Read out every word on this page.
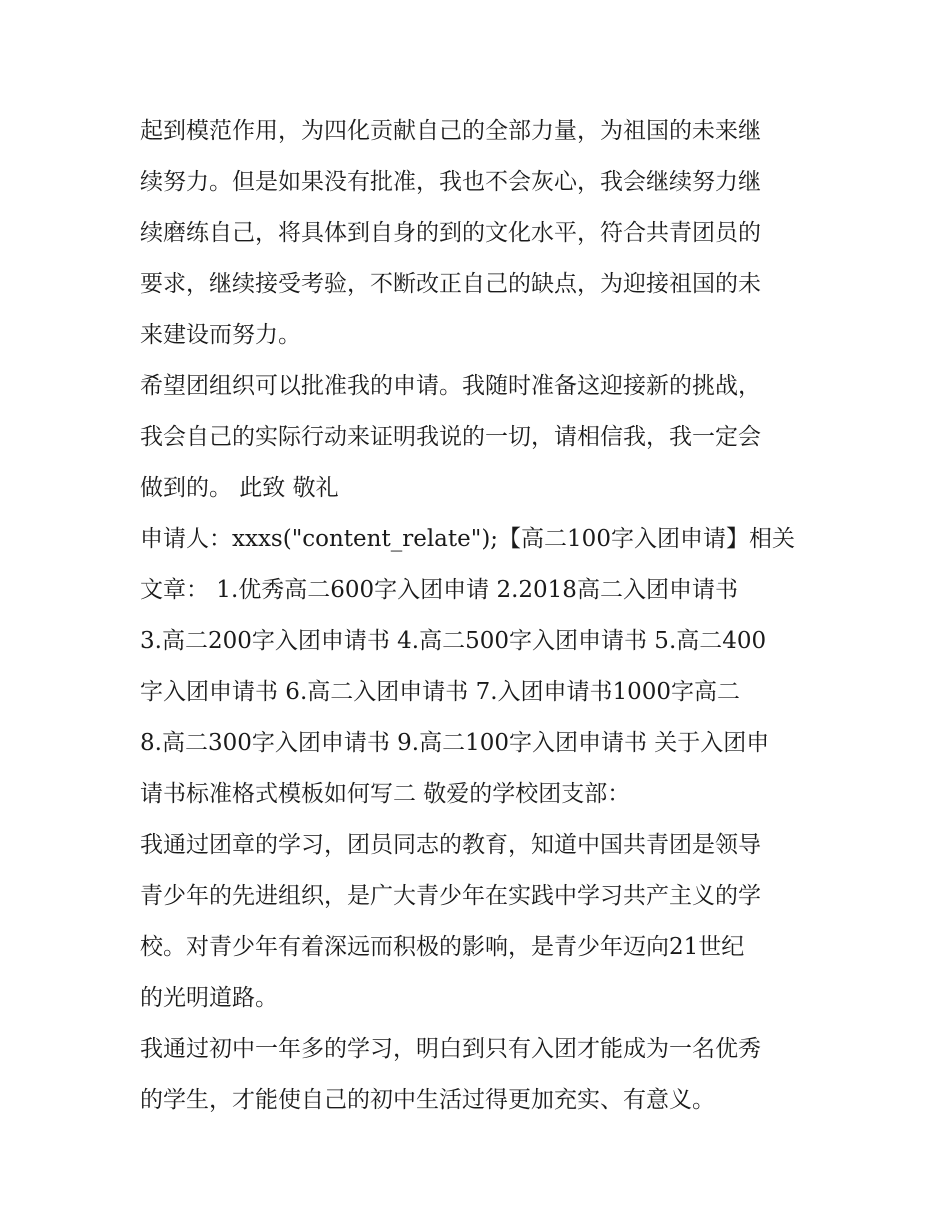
起到模范作用，为四化贡献自己的全部力量，为祖国的未来继
续努力。但是如果没有批准，我也不会灰心，我会继续努力继
续磨练自己，将具体到自身的到的文化水平，符合共青团员的
要求，继续接受考验，不断改正自己的缺点，为迎接祖国的未
来建设而努力。

希望团组织可以批准我的申请。我随时准备这迎接新的挑战，
我会自己的实际行动来证明我说的一切，请相信我，我一定会
做到的。 此致 敬礼

申请人：xxxs("content_relate");【高二100字入团申请】相关
文章： 1.优秀高二600字入团申请 2.2018高二入团申请书
3.高二200字入团申请书 4.高二500字入团申请书 5.高二400
字入团申请书 6.高二入团申请书 7.入团申请书1000字高二
8.高二300字入团申请书 9.高二100字入团申请书 关于入团申
请书标准格式模板如何写二 敬爱的学校团支部：

我通过团章的学习，团员同志的教育，知道中国共青团是领导
青少年的先进组织，是广大青少年在实践中学习共产主义的学
校。对青少年有着深远而积极的影响，是青少年迈向21世纪
的光明道路。

我通过初中一年多的学习，明白到只有入团才能成为一名优秀
的学生，才能使自己的初中生活过得更加充实、有意义。
